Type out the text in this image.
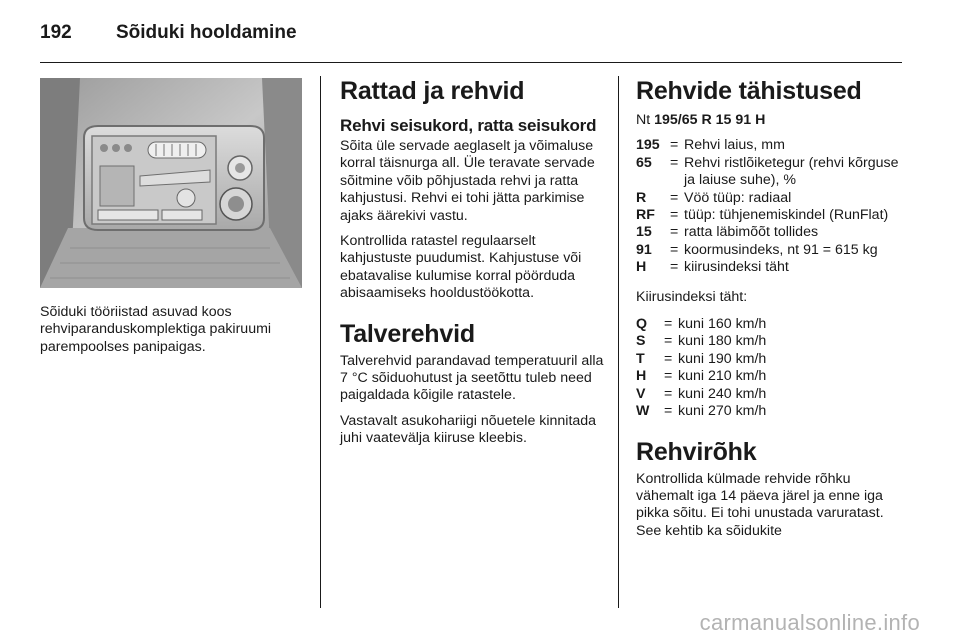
192	Sõiduki hooldamine

Sõiduki tööriistad asuvad koos rehviparanduskomplektiga pakiruumi parempoolses panipaigas.

Rattad ja rehvid
Rehvi seisukord, ratta seisukord

Sõita üle servade aeglaselt ja võimaluse korral täisnurga all. Üle teravate servade sõitmine võib põhjustada rehvi ja ratta kahjustusi. Rehvi ei tohi jätta parkimise ajaks äärekivi vastu.

Kontrollida ratastel regulaarselt kahjustuste puudumist. Kahjustuse või ebatavalise kulumise korral pöörduda abisaamiseks hooldustöökotta.

Talverehvid

Talverehvid parandavad temperatuuril alla 7 °C sõiduohutust ja seetõttu tuleb need paigaldada kõigile ratastele.

Vastavalt asukohariigi nõuetele kinnitada juhi vaatevälja kiiruse kleebis.

Rehvide tähistused

Nt 195/65 R 15 91 H

195 = Rehvi laius, mm
65	= Rehvi ristlõiketegur (rehvi kõrguse ja laiuse suhe), %
R	= Vöö tüüp: radiaal
RF	= tüüp: tühjenemiskindel (RunFlat)
15	= ratta läbimõõt tollides
91	= koormusindeks, nt 91 = 615 kg
H	= kiirusindeksi täht

Kiirusindeksi täht:

Q	= kuni 160 km/h
S	= kuni 180 km/h
T	= kuni 190 km/h
H	= kuni 210 km/h
V	= kuni 240 km/h
W	= kuni 270 km/h
Rehvirõhk

Kontrollida külmade rehvide rõhku vähemalt iga 14 päeva järel ja enne iga pikka sõitu. Ei tohi unustada varuratast. See kehtib ka sõidukite

carmanualsonline.info
